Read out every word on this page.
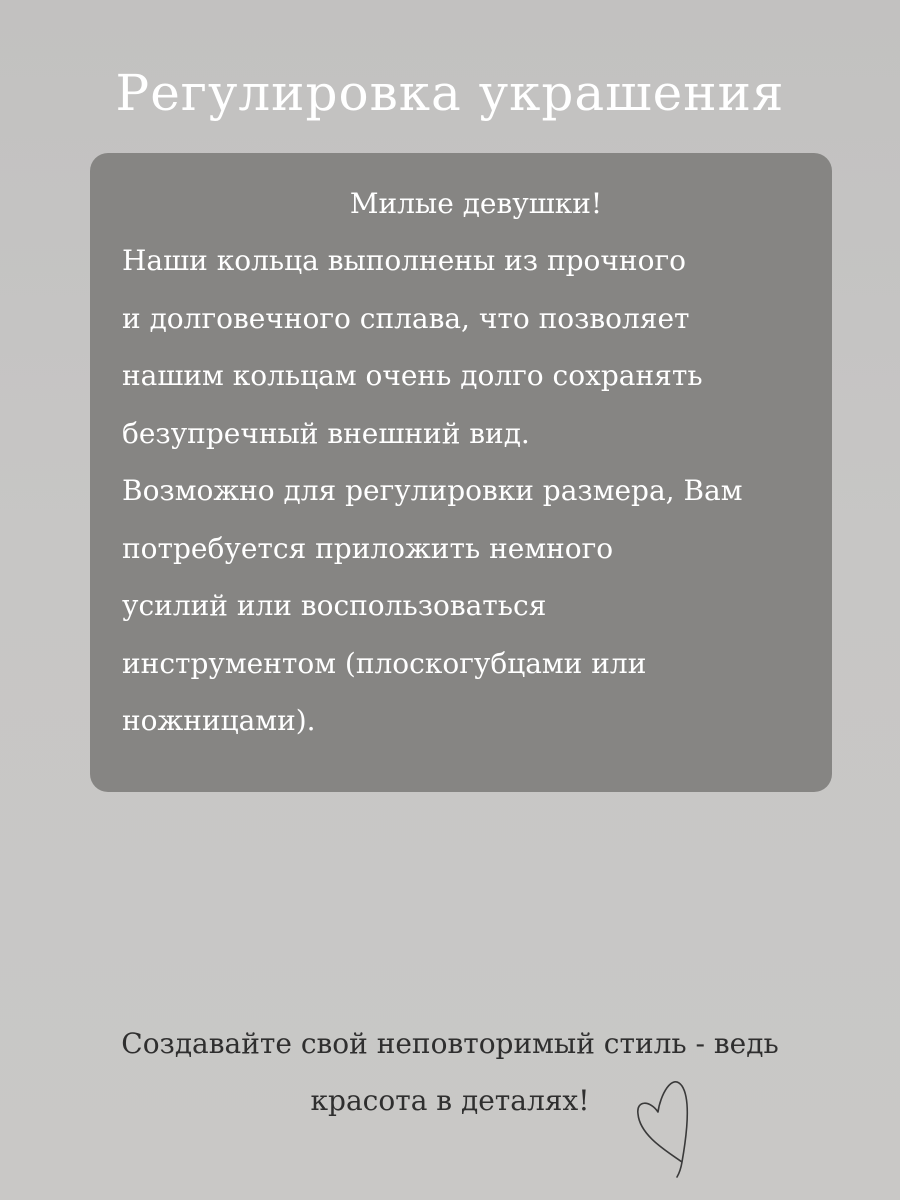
Регулировка украшения

Милые девушки!

Наши кольца выполнены из прочного
и долговечного сплава, что позволяет
нашим кольцам очень долго сохранять
безупречный внешний вид.
Возможно для регулировки размера, Вам
потребуется приложить немного
усилий или воспользоваться
инструментом (плоскогубцами или
ножницами).

Создавайте свой неповторимый стиль - ведь
красота в деталях!
